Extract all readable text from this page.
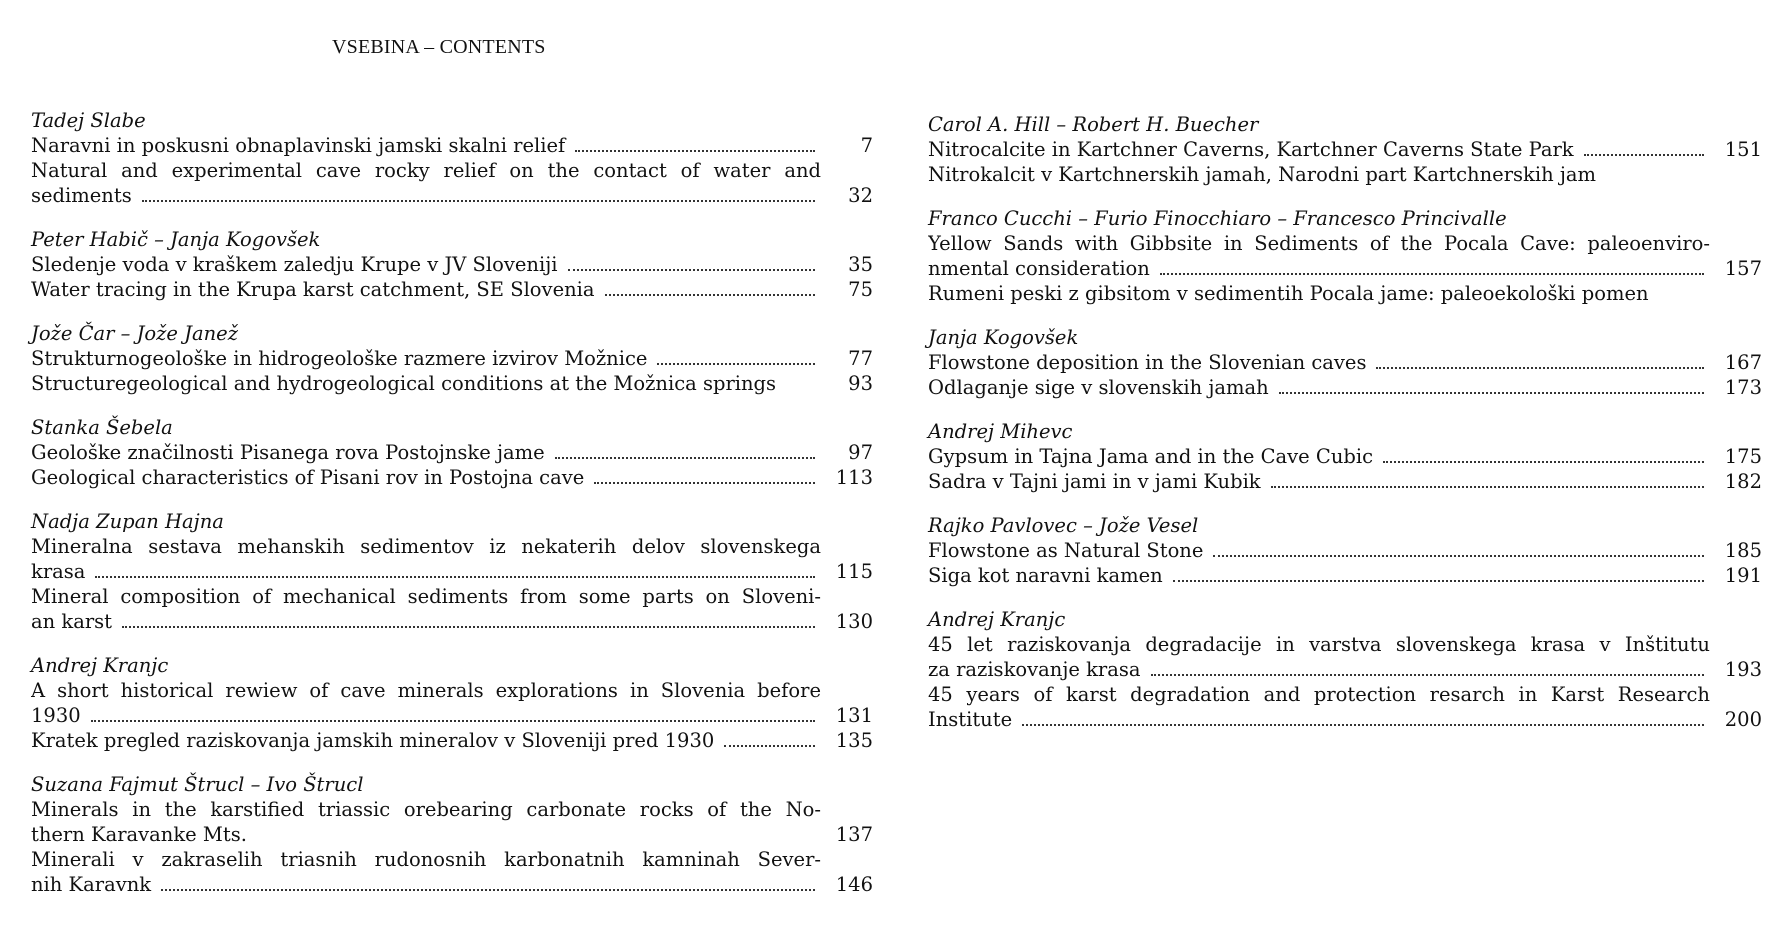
VSEBINA – CONTENTS
Tadej Slabe
Naravni in poskusni obnaplavinski jamski skalni relief	7
Natural and experimental cave rocky relief on the contact of water and
sediments	32
Peter Habič – Janja Kogovšek
Sledenje voda v kraškem zaledju Krupe v JV Sloveniji	35
Water tracing in the Krupa karst catchment, SE Slovenia	75
Jože Čar – Jože Janež
Strukturnogeološke in hidrogeološke razmere izvirov Možnice	77
Structuregeological and hydrogeological conditions at the Možnica springs	93
Stanka Šebela
Geološke značilnosti Pisanega rova Postojnske jame	97
Geological characteristics of Pisani rov in Postojna cave	113
Nadja Zupan Hajna
Mineralna sestava mehanskih sedimentov iz nekaterih delov slovenskega
krasa	115
Mineral composition of mechanical sediments from some parts on Sloveni-
an karst	130
Andrej Kranjc
A short historical rewiew of cave minerals explorations in Slovenia before
1930	131
Kratek pregled raziskovanja jamskih mineralov v Sloveniji pred 1930	135
Suzana Fajmut Štrucl – Ivo Štrucl
Minerals in the karstified triassic orebearing carbonate rocks of the No-
thern Karavanke Mts.	137
Minerali v zakraselih triasnih rudonosnih karbonatnih kamninah Sever-
nih Karavnk	146
Carol A. Hill – Robert H. Buecher
Nitrocalcite in Kartchner Caverns, Kartchner Caverns State Park	151
Nitrokalcit v Kartchnerskih jamah, Narodni part Kartchnerskih jam
Franco Cucchi – Furio Finocchiaro – Francesco Princivalle
Yellow Sands with Gibbsite in Sediments of the Pocala Cave: paleoenviro-
nmental consideration	157
Rumeni peski z gibsitom v sedimentih Pocala jame: paleoekološki pomen
Janja Kogovšek
Flowstone deposition in the Slovenian caves	167
Odlaganje sige v slovenskih jamah	173
Andrej Mihevc
Gypsum in Tajna Jama and in the Cave Cubic	175
Sadra v Tajni jami in v jami Kubik	182
Rajko Pavlovec – Jože Vesel
Flowstone as Natural Stone	185
Siga kot naravni kamen	191
Andrej Kranjc
45 let raziskovanja degradacije in varstva slovenskega krasa v Inštitutu
za raziskovanje krasa	193
45 years of karst degradation and protection resarch in Karst Research
Institute	200
